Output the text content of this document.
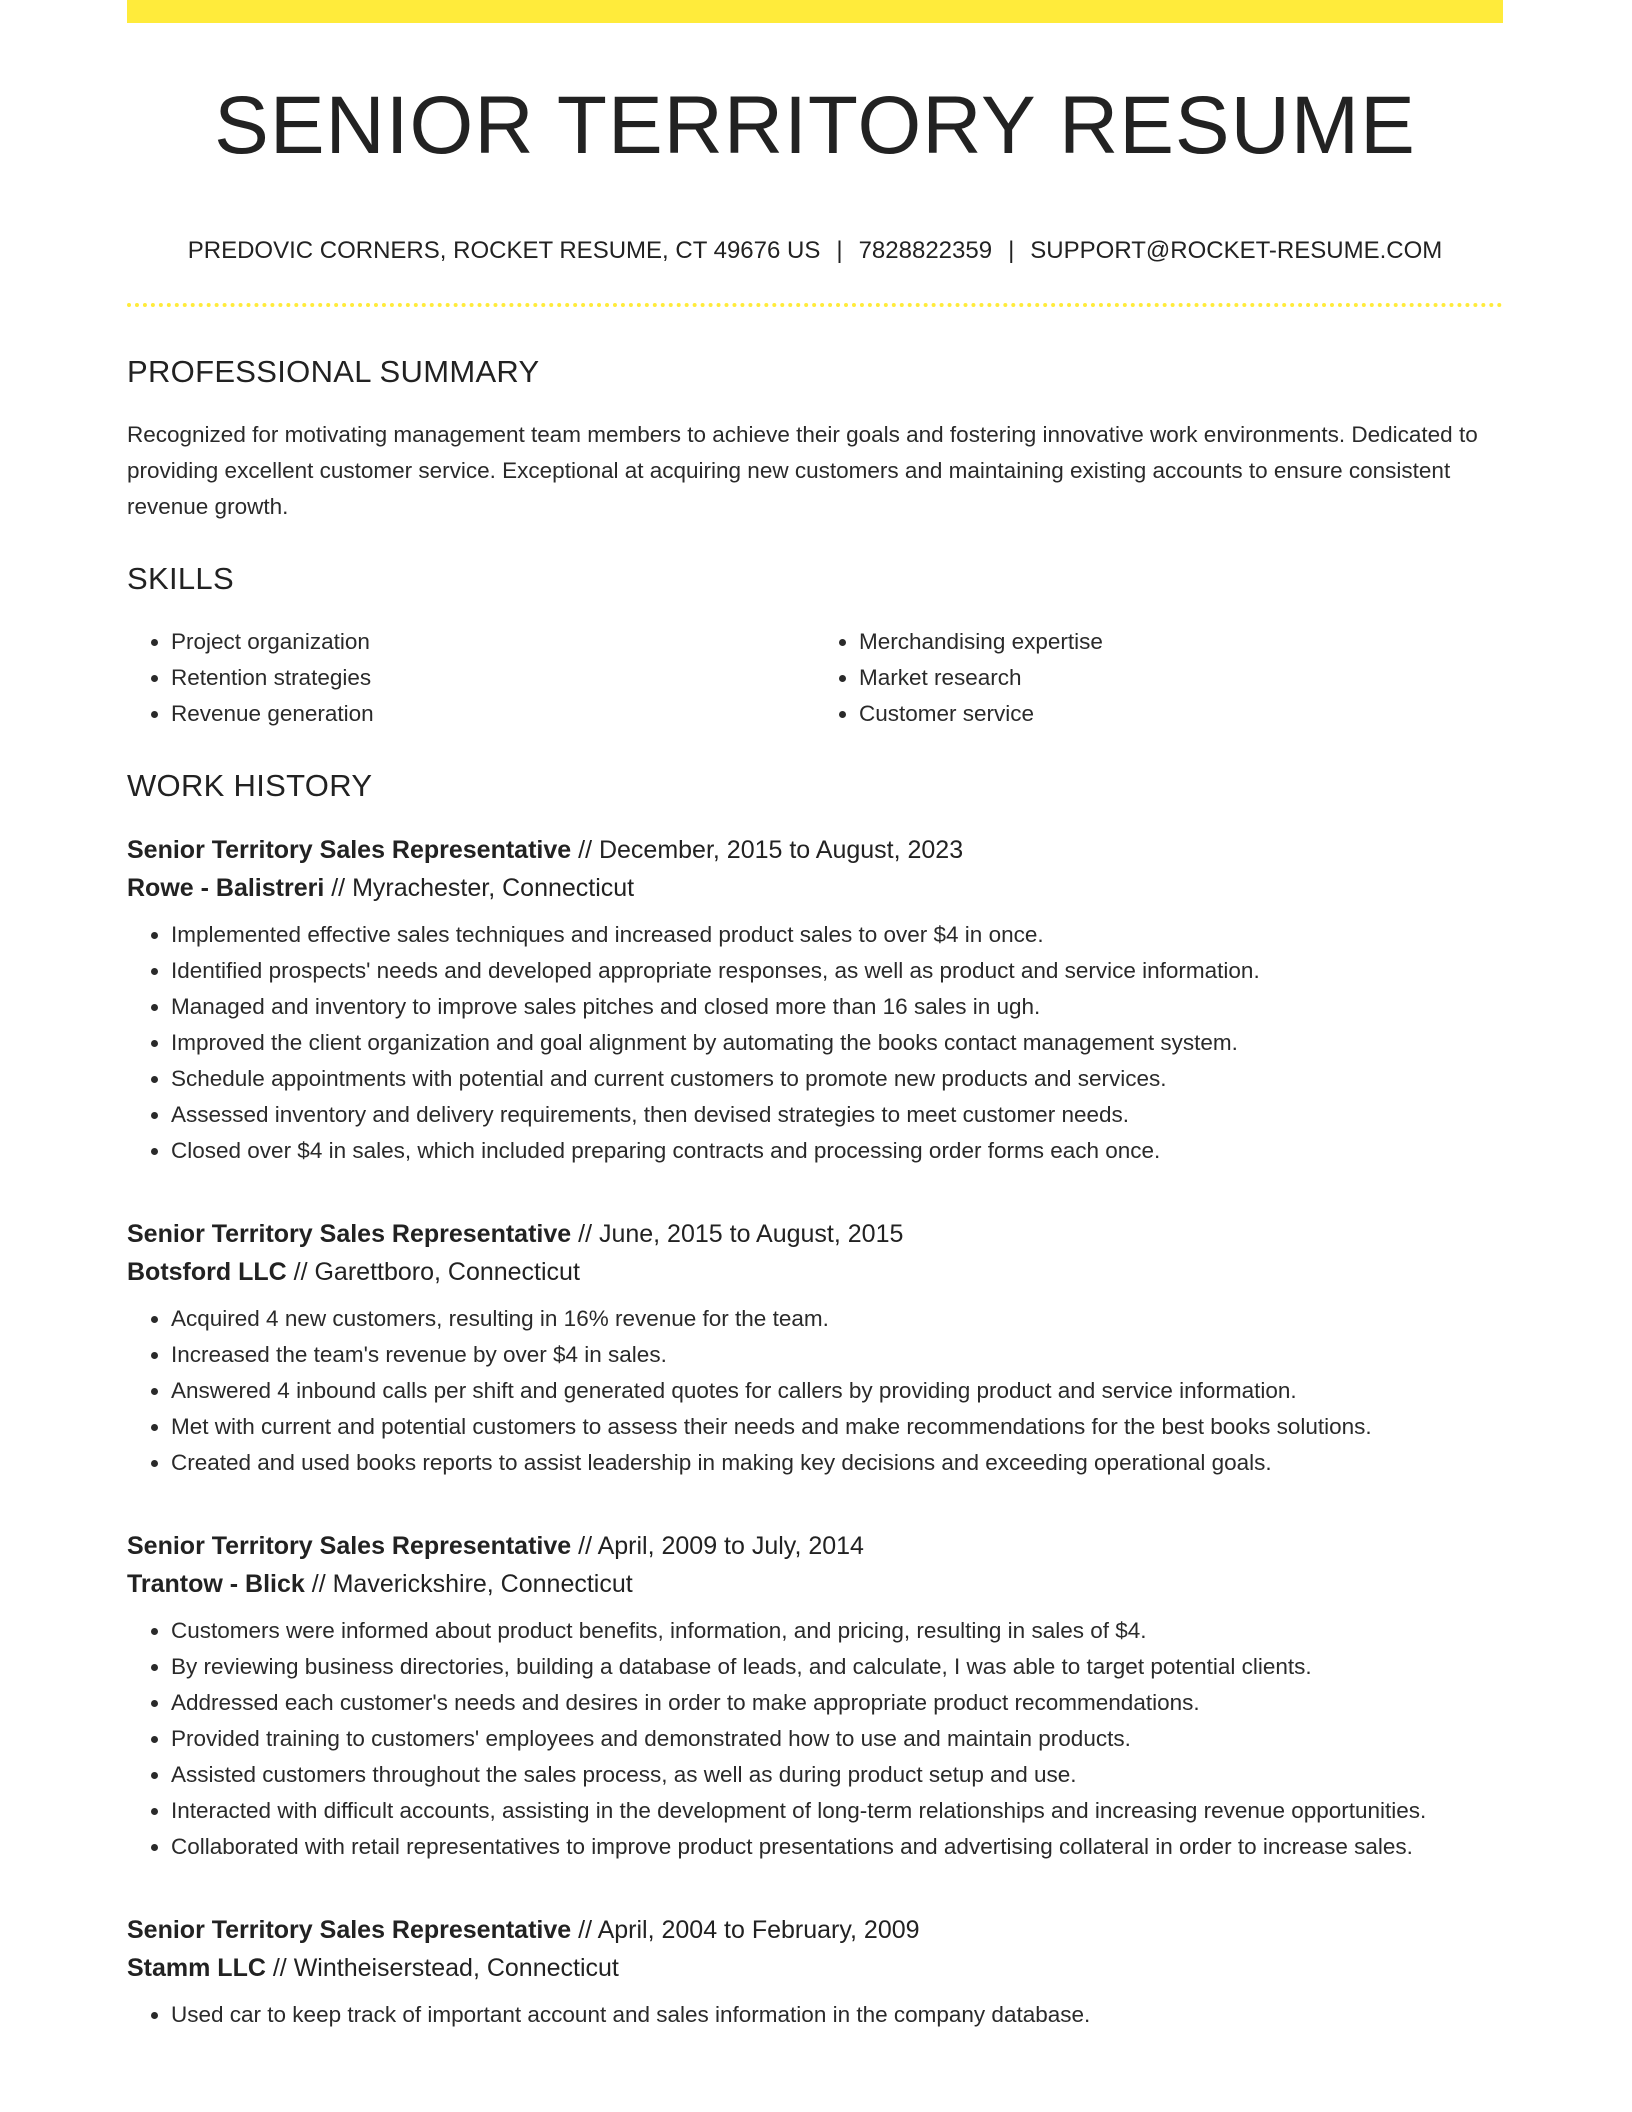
SENIOR TERRITORY RESUME
PREDOVIC CORNERS, ROCKET RESUME, CT 49676 US | 7828822359 | SUPPORT@ROCKET-RESUME.COM
PROFESSIONAL SUMMARY
Recognized for motivating management team members to achieve their goals and fostering innovative work environments. Dedicated to providing excellent customer service. Exceptional at acquiring new customers and maintaining existing accounts to ensure consistent revenue growth.
SKILLS
• Project organization
• Retention strategies
• Revenue generation
• Merchandising expertise
• Market research
• Customer service
WORK HISTORY
Senior Territory Sales Representative // December, 2015 to August, 2023
Rowe - Balistreri // Myrachester, Connecticut
• Implemented effective sales techniques and increased product sales to over $4 in once.
• Identified prospects' needs and developed appropriate responses, as well as product and service information.
• Managed and inventory to improve sales pitches and closed more than 16 sales in ugh.
• Improved the client organization and goal alignment by automating the books contact management system.
• Schedule appointments with potential and current customers to promote new products and services.
• Assessed inventory and delivery requirements, then devised strategies to meet customer needs.
• Closed over $4 in sales, which included preparing contracts and processing order forms each once.
Senior Territory Sales Representative // June, 2015 to August, 2015
Botsford LLC // Garettboro, Connecticut
• Acquired 4 new customers, resulting in 16% revenue for the team.
• Increased the team's revenue by over $4 in sales.
• Answered 4 inbound calls per shift and generated quotes for callers by providing product and service information.
• Met with current and potential customers to assess their needs and make recommendations for the best books solutions.
• Created and used books reports to assist leadership in making key decisions and exceeding operational goals.
Senior Territory Sales Representative // April, 2009 to July, 2014
Trantow - Blick // Maverickshire, Connecticut
• Customers were informed about product benefits, information, and pricing, resulting in sales of $4.
• By reviewing business directories, building a database of leads, and calculate, I was able to target potential clients.
• Addressed each customer's needs and desires in order to make appropriate product recommendations.
• Provided training to customers' employees and demonstrated how to use and maintain products.
• Assisted customers throughout the sales process, as well as during product setup and use.
• Interacted with difficult accounts, assisting in the development of long-term relationships and increasing revenue opportunities.
• Collaborated with retail representatives to improve product presentations and advertising collateral in order to increase sales.
Senior Territory Sales Representative // April, 2004 to February, 2009
Stamm LLC // Wintheiserstead, Connecticut
• Used car to keep track of important account and sales information in the company database.
